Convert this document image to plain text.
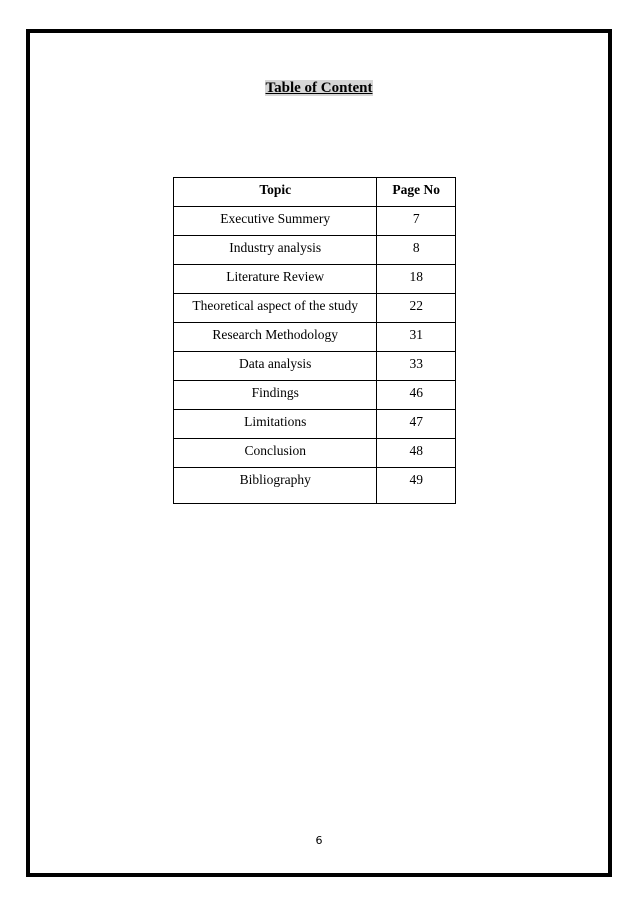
Table of Content
Topic	Page No
Executive Summery	7
Industry analysis	8
Literature Review	18
Theoretical aspect of the study	22
Research Methodology	31
Data analysis	33
Findings	46
Limitations	47
Conclusion	48
Bibliography	49
6
